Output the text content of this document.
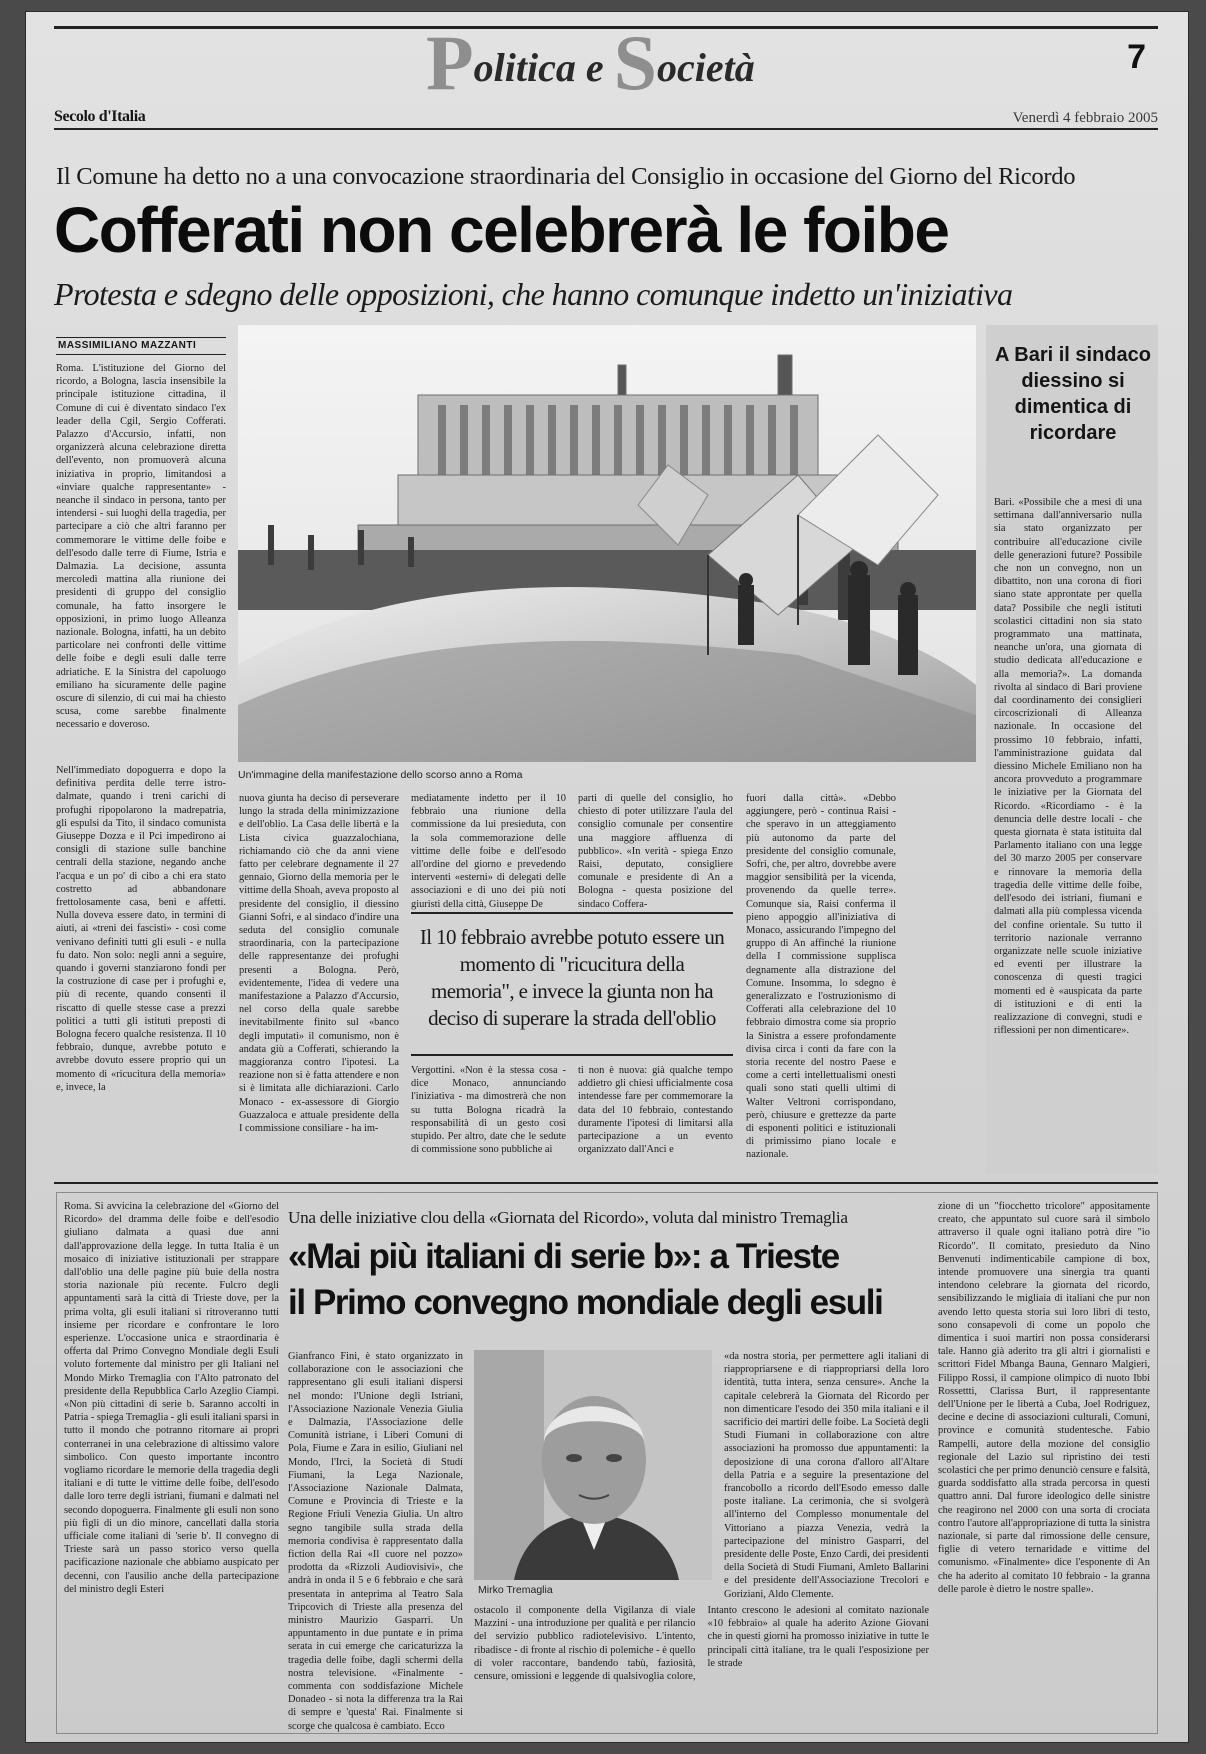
Politica e Società	7
Secolo d'Italia	Venerdì 4 febbraio 2005
Il Comune ha detto no a una convocazione straordinaria del Consiglio in occasione del Giorno del Ricordo
Cofferati non celebrerà le foibe
Protesta e sdegno delle opposizioni, che hanno comunque indetto un'iniziativa
MASSIMILIANO MAZZANTI
Un'immagine della manifestazione dello scorso anno a Roma
Roma. L'istituzione del Giorno del ricordo, a Bologna, lascia insensibile la principale istituzione cittadina, il Comune di cui è diventato sindaco l'ex leader della Cgil, Sergio Cofferati. Palazzo d'Accursio, infatti, non organizzerà alcuna celebrazione diretta dell'evento, non promuoverà alcuna iniziativa in proprio, limitandosi a «inviare qualche rappresentante» - neanche il sindaco in persona, tanto per intendersi - sui luoghi della tragedia, per partecipare a ciò che altri faranno per commemorare le vittime delle foibe e dell'esodo dalle terre di Fiume, Istria e Dalmazia. La decisione, assunta mercoledì mattina alla riunione dei presidenti di gruppo del consiglio comunale, ha fatto insorgere le opposizioni, in primo luogo Alleanza nazionale. Bologna, infatti, ha un debito particolare nei confronti delle vittime delle foibe e degli esuli dalle terre adriatiche. E la Sinistra del capoluogo emiliano ha sicuramente delle pagine oscure di silenzio, di cui mai ha chiesto scusa, come sarebbe finalmente necessario e doveroso.
Nell'immediato dopoguerra e dopo la definitiva perdita delle terre istro-dalmate, quando i treni carichi di profughi ripopolarono la madrepatria, gli espulsi da Tito, il sindaco comunista Giuseppe Dozza e il Pci impedirono ai consigli di stazione sulle banchine centrali della stazione, negando anche l'acqua e un po' di cibo a chi era stato costretto ad abbandonare frettolosamente casa, beni e affetti. Nulla doveva essere dato, in termini di aiuti, ai «treni dei fascisti» - così come venivano definiti tutti gli esuli - e nulla fu dato. Non solo: negli anni a seguire, quando i governi stanziarono fondi per la costruzione di case per i profughi e, più di recente, quando consentì il riscatto di quelle stesse case a prezzi politici a tutti gli istituti preposti di Bologna fecero qualche resistenza. Il 10 febbraio, dunque, avrebbe potuto e avrebbe dovuto essere proprio qui un momento di «ricucitura della memoria» e, invece, la
nuova giunta ha deciso di perseverare lungo la strada della minimizzazione e dell'oblio. La Casa delle libertà e la Lista civica guazzalochiana, richiamando ciò che da anni viene fatto per celebrare degnamente il 27 gennaio, Giorno della memoria per le vittime della Shoah, aveva proposto al presidente del consiglio, il diessino Gianni Sofri, e al sindaco d'indire una seduta del consiglio comunale straordinaria, con la partecipazione delle rappresentanze dei profughi presenti a Bologna. Però, evidentemente, l'idea di vedere una manifestazione a Palazzo d'Accursio, nel corso della quale sarebbe inevitabilmente finito sul «banco degli imputati» il comunismo, non è andata giù a Cofferati, schierando la maggioranza contro l'ipotesi. La reazione non si è fatta attendere e non si è limitata alle dichiarazioni. Carlo Monaco - ex-assessore di Giorgio Guazzaloca e attuale presidente della I commissione consiliare - ha im-
mediatamente indetto per il 10 febbraio una riunione della commissione da lui presieduta, con la sola commemorazione delle vittime delle foibe e dell'esodo all'ordine del giorno e prevedendo interventi «esterni» di delegati delle associazioni e di uno dei più noti giuristi della città, Giuseppe De
parti di quelle del consiglio, ho chiesto di poter utilizzare l'aula del consiglio comunale per consentire una maggiore affluenza di pubblico». «In verità - spiega Enzo Raisi, deputato, consigliere comunale e presidente di An a Bologna - questa posizione del sindaco Coffera-
Il 10 febbraio avrebbe potuto essere un momento di "ricucitura della memoria", e invece la giunta non ha deciso di superare la strada dell'oblio
Vergottini. «Non è la stessa cosa - dice Monaco, annunciando l'iniziativa - ma dimostrerà che non su tutta Bologna ricadrà la responsabilità di un gesto così stupido. Per altro, date che le sedute di commissione sono pubbliche ai
ti non è nuova: già qualche tempo addietro gli chiesi ufficialmente cosa intendesse fare per commemorare la data del 10 febbraio, contestando duramente l'ipotesi di limitarsi alla partecipazione a un evento organizzato dall'Anci e
fuori dalla città». «Debbo aggiungere, però - continua Raisi - che speravo in un atteggiamento più autonomo da parte del presidente del consiglio comunale, Sofri, che, per altro, dovrebbe avere maggior sensibilità per la vicenda, provenendo da quelle terre». Comunque sia, Raisi conferma il pieno appoggio all'iniziativa di Monaco, assicurando l'impegno del gruppo di An affinché la riunione della I commissione supplisca degnamente alla distrazione del Comune. Insomma, lo sdegno è generalizzato e l'ostruzionismo di Cofferati alla celebrazione del 10 febbraio dimostra come sia proprio la Sinistra a essere profondamente divisa circa i conti da fare con la storia recente del nostro Paese e come a certi intellettualismi onesti quali sono stati quelli ultimi di Walter Veltroni corrispondano, però, chiusure e grettezze da parte di esponenti politici e istituzionali di primissimo piano locale e nazionale.
A Bari il sindaco diessino si dimentica di ricordare
Bari. «Possibile che a mesi di una settimana dall'anniversario nulla sia stato organizzato per contribuire all'educazione civile delle generazioni future? Possibile che non un convegno, non un dibattito, non una corona di fiori siano state approntate per quella data? Possibile che negli istituti scolastici cittadini non sia stato programmato una mattinata, neanche un'ora, una giornata di studio dedicata all'educazione e alla memoria?». La domanda rivolta al sindaco di Bari proviene dal coordinamento dei consiglieri circoscrizionali di Alleanza nazionale. In occasione del prossimo 10 febbraio, infatti, l'amministrazione guidata dal diessino Michele Emiliano non ha ancora provveduto a programmare le iniziative per la Giornata del Ricordo. «Ricordiamo - è la denuncia delle destre locali - che questa giornata è stata istituita dal Parlamento italiano con una legge del 30 marzo 2005 per conservare e rinnovare la memoria della tragedia delle vittime delle foibe, dell'esodo dei istriani, fiumani e dalmati alla più complessa vicenda del confine orientale. Su tutto il territorio nazionale verranno organizzate nelle scuole iniziative ed eventi per illustrare la conoscenza di questi tragici momenti ed è «auspicata da parte di istituzioni e di enti la realizzazione di convegni, studi e riflessioni per non dimenticare».
Roma. Si avvicina la celebrazione del «Giorno del Ricordo» del dramma delle foibe e dell'esodio giuliano dalmata a quasi due anni dall'approvazione della legge. In tutta Italia è un mosaico di iniziative istituzionali per strappare dall'oblio una delle pagine più buie della nostra storia nazionale più recente. Fulcro degli appuntamenti sarà la città di Trieste dove, per la prima volta, gli esuli italiani si ritroveranno tutti insieme per ricordare e confrontare le loro esperienze. L'occasione unica e straordinaria è offerta dal Primo Convegno Mondiale degli Esuli voluto fortemente dal ministro per gli Italiani nel Mondo Mirko Tremaglia con l'Alto patronato del presidente della Repubblica Carlo Azeglio Ciampi. «Non più cittadini di serie b. Saranno accolti in Patria - spiega Tremaglia - gli esuli italiani sparsi in tutto il mondo che potranno ritornare ai propri conterranei in una celebrazione di altissimo valore simbolico. Con questo importante incontro vogliamo ricordare le memorie della tragedia degli italiani e di tutte le vittime delle foibe, dell'esodo dalle loro terre degli istriani, fiumani e dalmati nel secondo dopoguerra. Finalmente gli esuli non sono più figli di un dio minore, cancellati dalla storia ufficiale come italiani di 'serie b'. Il convegno di Trieste sarà un passo storico verso quella pacificazione nazionale che abbiamo auspicato per decenni, con l'ausilio anche della partecipazione del ministro degli Esteri
Una delle iniziative clou della «Giornata del Ricordo», voluta dal ministro Tremaglia
«Mai più italiani di serie b»: a Trieste
il Primo convegno mondiale degli esuli
Gianfranco Fini, è stato organizzato in collaborazione con le associazioni che rappresentano gli esuli italiani dispersi nel mondo: l'Unione degli Istriani, l'Associazione Nazionale Venezia Giulia e Dalmazia, l'Associazione delle Comunità istriane, i Liberi Comuni di Pola, Fiume e Zara in esilio, Giuliani nel Mondo, l'Irci, la Società di Studi Fiumani, la Lega Nazionale, l'Associazione Nazionale Dalmata, Comune e Provincia di Trieste e la Regione Friuli Venezia Giulia. Un altro segno tangibile sulla strada della memoria condivisa è rappresentato dalla fiction della Rai «Il cuore nel pozzo» prodotta da «Rizzoli Audiovisivi», che andrà in onda il 5 e 6 febbraio e che sarà presentata in anteprima al Teatro Sala Tripcovich di Trieste alla presenza del ministro Maurizio Gasparri. Un appuntamento in due puntate e in prima serata in cui emerge che caricaturizza la tragedia delle foibe, dagli schermi della nostra televisione. «Finalmente - commenta con soddisfazione Michele Donadeo - si nota la differenza tra la Rai di sempre e 'questa' Rai. Finalmente si scorge che qualcosa è cambiato. Ecco
Mirko Tremaglia
«da nostra storia, per permettere agli italiani di riappropriarsene e di riappropriarsi della loro identità, tutta intera, senza censure». Anche la capitale celebrerà la Giornata del Ricordo per non dimenticare l'esodo dei 350 mila italiani e il sacrificio dei martiri delle foibe. La Società degli Studi Fiumani in collaborazione con altre associazioni ha promosso due appuntamenti: la deposizione di una corona d'alloro all'Altare della Patria e a seguire la presentazione del francobollo a ricordo dell'Esodo emesso dalle poste italiane. La cerimonia, che si svolgerà all'interno del Complesso monumentale del Vittoriano a piazza Venezia, vedrà la partecipazione del ministro Gasparri, del presidente delle Poste, Enzo Cardi, dei presidenti della Società di Studi Fiumani, Amleto Ballarini e del presidente dell'Associazione Trecolori e Goriziani, Aldo Clemente.
ostacolo il componente della Vigilanza di viale Mazzini - una introduzione per qualità e per rilancio del servizio pubblico radiotelevisivo. L'intento, ribadisce - di fronte al rischio di polemiche - è quello di voler raccontare, bandendo tabù, faziosità, censure, omissioni e leggende di qualsivoglia colore, Intanto crescono le adesioni al comitato nazionale «10 febbraio» al quale ha aderito Azione Giovani che in questi giorni ha promosso iniziative in tutte le principali città italiane, tra le quali l'esposizione per le strade
zione di un "fiocchetto tricolore" appositamente creato, che appuntato sul cuore sarà il simbolo attraverso il quale ogni italiano potrà dire "io Ricordo". Il comitato, presieduto da Nino Benvenuti indimenticabile campione di box, intende promuovere una sinergia tra quanti intendono celebrare la giornata del ricordo, sensibilizzando le migliaia di italiani che pur non avendo letto questa storia sui loro libri di testo, sono consapevoli di come un popolo che dimentica i suoi martiri non possa considerarsi tale. Hanno già aderito tra gli altri i giornalisti e scrittori Fidel Mbanga Bauna, Gennaro Malgieri, Filippo Rossi, il campione olimpico di nuoto Ibbi Rossettti, Clarissa Burt, il rappresentante dell'Unione per le libertà a Cuba, Joel Rodriguez, decine e decine di associazioni culturali, Comuni, province e comunità studentesche. Fabio Rampelli, autore della mozione del consiglio regionale del Lazio sul ripristino dei testi scolastici che per primo denunciò censure e falsità, guarda soddisfatto alla strada percorsa in questi quattro anni. Dal furore ideologico delle sinistre che reagirono nel 2000 con una sorta di crociata contro l'autore all'appropriazione di tutta la sinistra nazionale, si parte dal rimossione delle censure, figlie di vetero ternaridade e vittime del comunismo. «Finalmente» dice l'esponente di An che ha aderito al comitato 10 febbraio - la granna delle parole è dietro le nostre spalle».
